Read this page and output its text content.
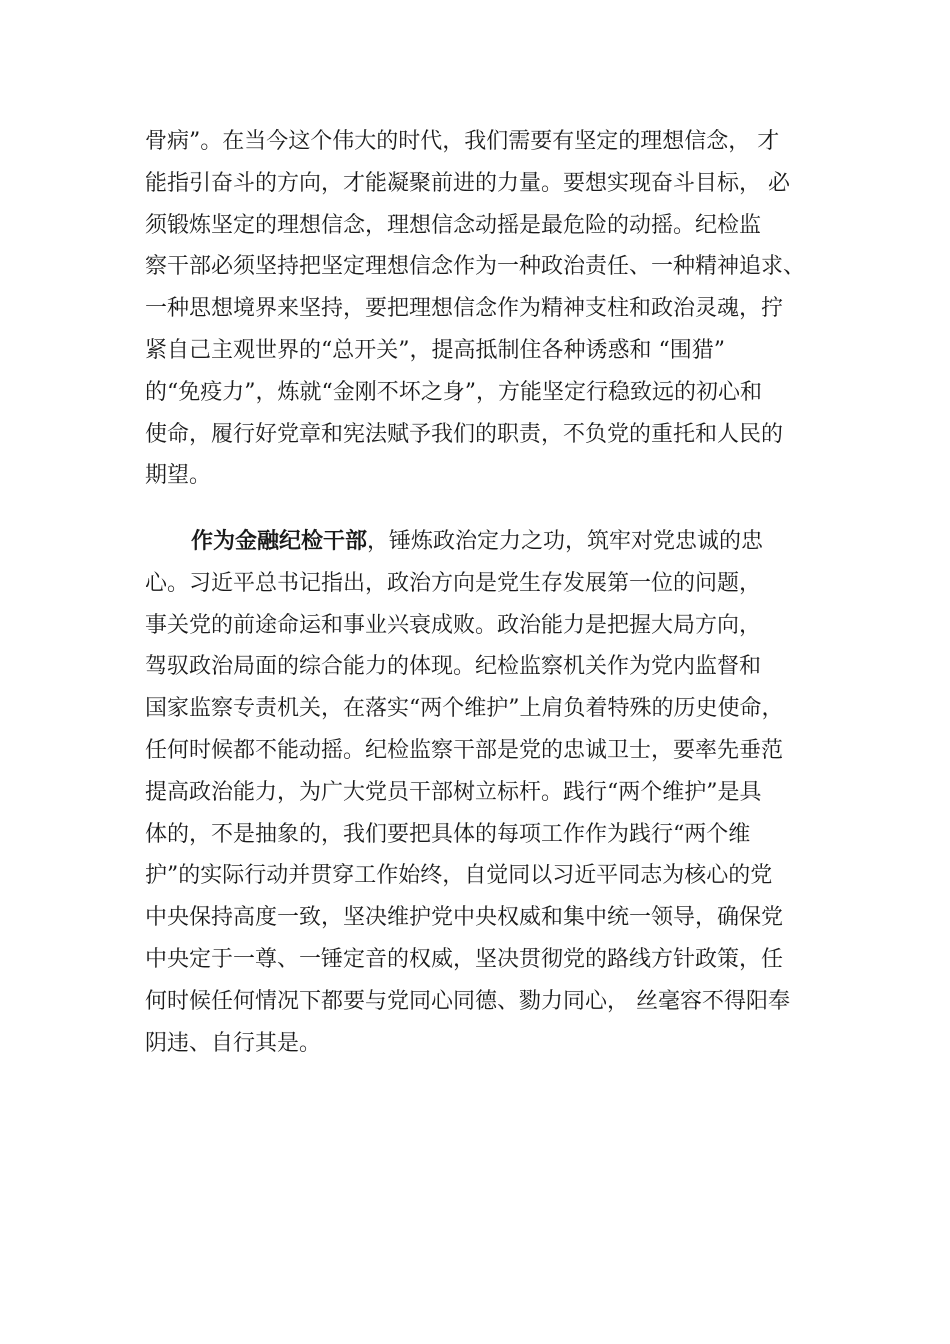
骨病”。在当今这个伟大的时代，我们需要有坚定的理想信念， 才
能指引奋斗的方向，才能凝聚前进的力量。要想实现奋斗目标， 必
须锻炼坚定的理想信念，理想信念动摇是最危险的动摇。纪检监
察干部必须坚持把坚定理想信念作为一种政治责任、一种精神追求、
一种思想境界来坚持，要把理想信念作为精神支柱和政治灵魂，拧
紧自己主观世界的“总开关”，提高抵制住各种诱惑和 “围猎”
的“免疫力”，炼就“金刚不坏之身”，方能坚定行稳致远的初心和
使命，履行好党章和宪法赋予我们的职责，不负党的重托和人民的
期望。
作为金融纪检干部，锤炼政治定力之功，筑牢对党忠诚的忠
心。习近平总书记指出，政治方向是党生存发展第一位的问题，
事关党的前途命运和事业兴衰成败。政治能力是把握大局方向，
驾驭政治局面的综合能力的体现。纪检监察机关作为党内监督和
国家监察专责机关，在落实“两个维护”上肩负着特殊的历史使命，
任何时候都不能动摇。纪检监察干部是党的忠诚卫士，要率先垂范
提高政治能力，为广大党员干部树立标杆。践行“两个维护”是具
体的，不是抽象的，我们要把具体的每项工作作为践行“两个维
护”的实际行动并贯穿工作始终，自觉同以习近平同志为核心的党
中央保持高度一致，坚决维护党中央权威和集中统一领导，确保党
中央定于一尊、一锤定音的权威，坚决贯彻党的路线方针政策，任
何时候任何情况下都要与党同心同德、勠力同心， 丝毫容不得阳奉
阴违、自行其是。
